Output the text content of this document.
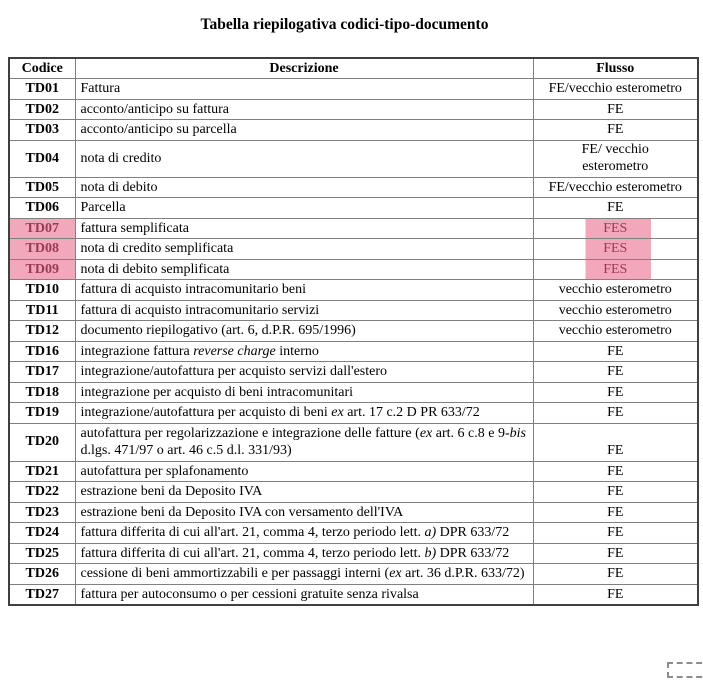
Tabella riepilogativa codici-tipo-documento
Codice	Descrizione	Flusso
TD01	Fattura	FE/vecchio esterometro
TD02	acconto/anticipo su fattura	FE
TD03	acconto/anticipo su parcella	FE
TD04	nota di credito	FE/ vecchio
esterometro
TD05	nota di debito	FE/vecchio esterometro
TD06	Parcella	FE
TD07	fattura semplificata	FES
TD08	nota di credito semplificata	FES
TD09	nota di debito semplificata	FES
TD10	fattura di acquisto intracomunitario beni	vecchio esterometro
TD11	fattura di acquisto intracomunitario servizi	vecchio esterometro
TD12	documento riepilogativo (art. 6, d.P.R. 695/1996)	vecchio esterometro
TD16	integrazione fattura reverse charge interno	FE
TD17	integrazione/autofattura per acquisto servizi dall'estero	FE
TD18	integrazione per acquisto di beni intracomunitari	FE
TD19	integrazione/autofattura per acquisto di beni ex art. 17 c.2 D PR 633/72	FE
TD20	autofattura per regolarizzazione e integrazione delle fatture (ex art. 6 c.8 e 9-bis d.lgs. 471/97 o art. 46 c.5 d.l. 331/93)	FE
TD21	autofattura per splafonamento	FE
TD22	estrazione beni da Deposito IVA	FE
TD23	estrazione beni da Deposito IVA con versamento dell'IVA	FE
TD24	fattura differita di cui all'art. 21, comma 4, terzo periodo lett. a) DPR 633/72	FE
TD25	fattura differita di cui all'art. 21, comma 4, terzo periodo lett. b) DPR 633/72	FE
TD26	cessione di beni ammortizzabili e per passaggi interni (ex art. 36 d.P.R. 633/72)	FE
TD27	fattura per autoconsumo o per cessioni gratuite senza rivalsa	FE
